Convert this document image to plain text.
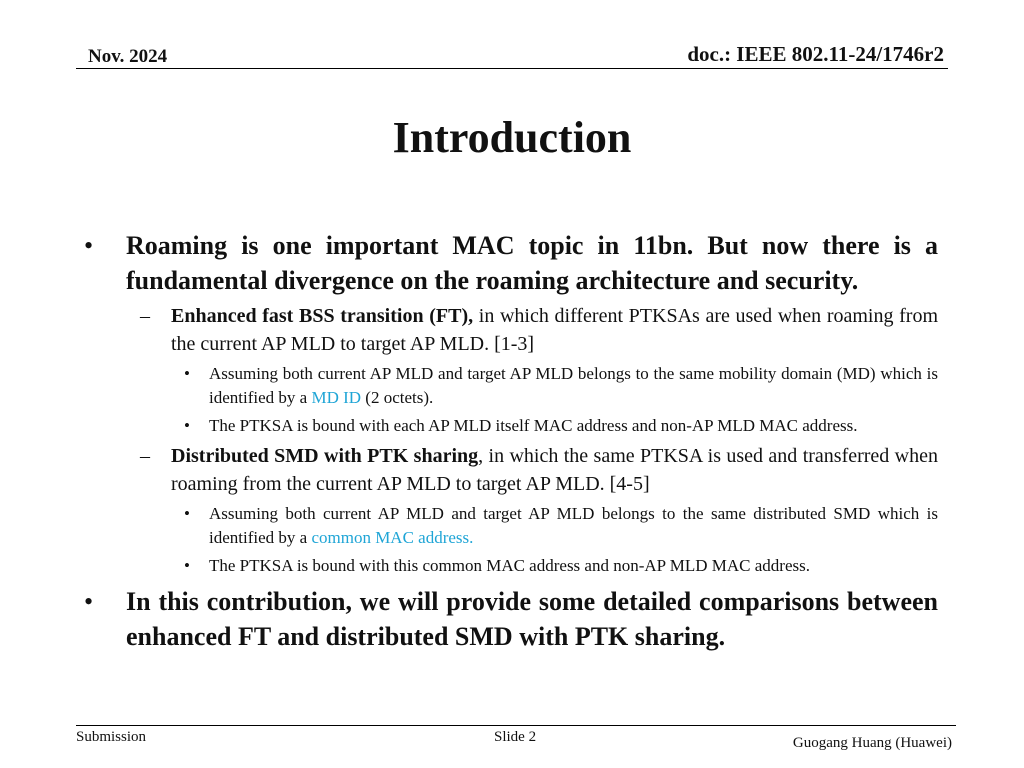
Nov. 2024	doc.: IEEE 802.11-24/1746r2
Introduction
• Roaming is one important MAC topic in 11bn. But now there is a fundamental divergence on the roaming architecture and security.
– Enhanced fast BSS transition (FT), in which different PTKSAs are used when roaming from the current AP MLD to target AP MLD. [1-3]
• Assuming both current AP MLD and target AP MLD belongs to the same mobility domain (MD) which is identified by a MD ID (2 octets).
• The PTKSA is bound with each AP MLD itself MAC address and non-AP MLD MAC address.
– Distributed SMD with PTK sharing, in which the same PTKSA is used and transferred when roaming from the current AP MLD to target AP MLD. [4-5]
• Assuming both current AP MLD and target AP MLD belongs to the same distributed SMD which is identified by a common MAC address.
• The PTKSA is bound with this common MAC address and non-AP MLD MAC address.
• In this contribution, we will provide some detailed comparisons between enhanced FT and distributed SMD with PTK sharing.
Submission	Slide 2	Guogang Huang (Huawei)
